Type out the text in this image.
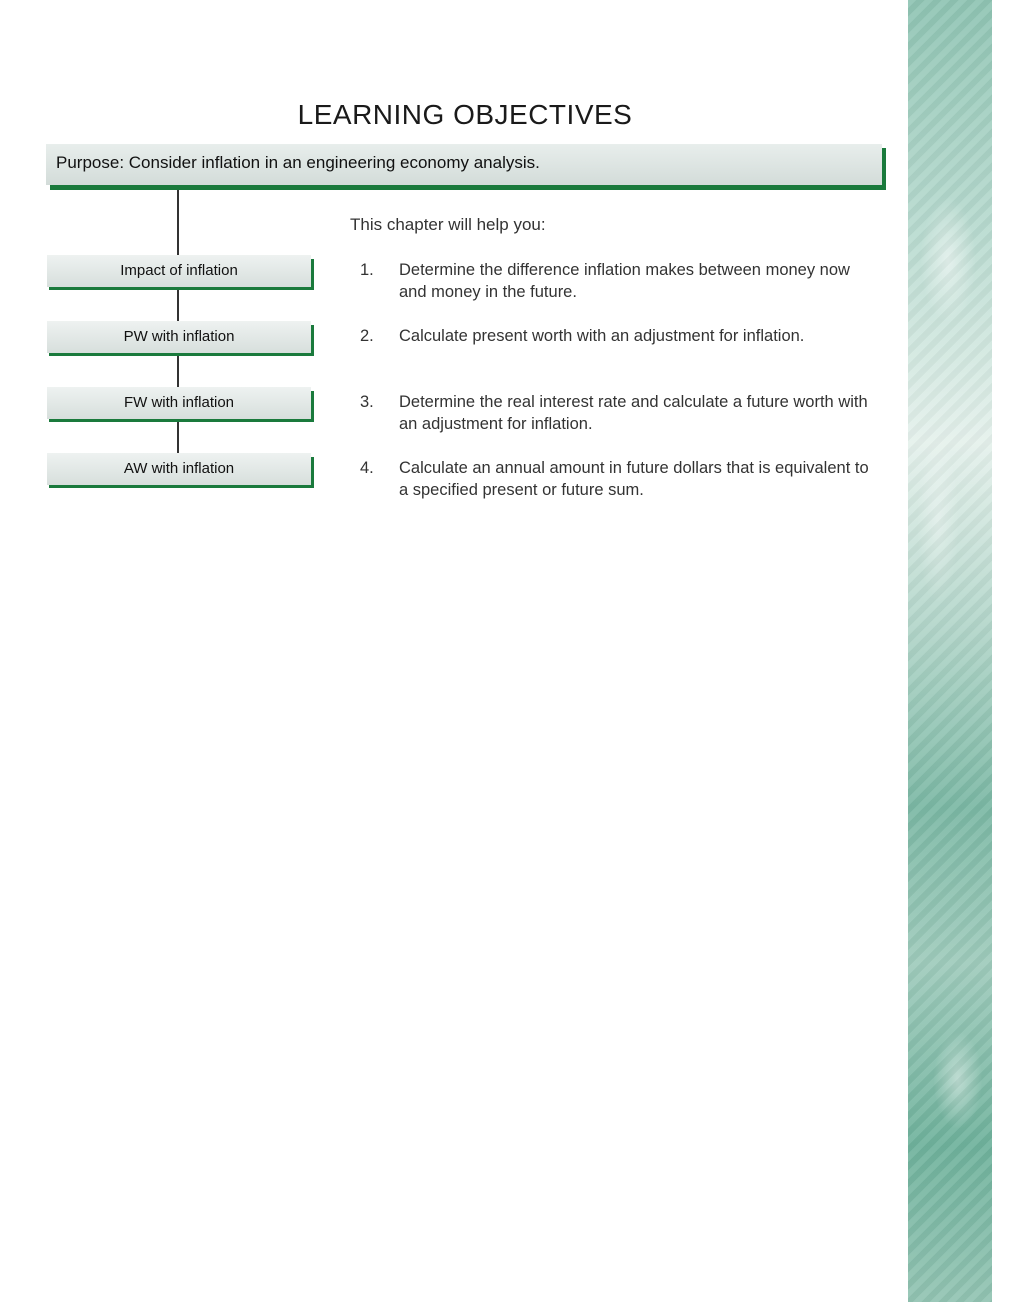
LEARNING OBJECTIVES
Purpose: Consider inflation in an engineering economy analysis.
Impact of inflation
PW with inflation
FW with inflation
AW with inflation
This chapter will help you:
1.	Determine the difference inflation makes between money now and money in the future.
2.	Calculate present worth with an adjustment for inflation.
3.	Determine the real interest rate and calculate a future worth with an adjustment for inflation.
4.	Calculate an annual amount in future dollars that is equivalent to a specified present or future sum.
